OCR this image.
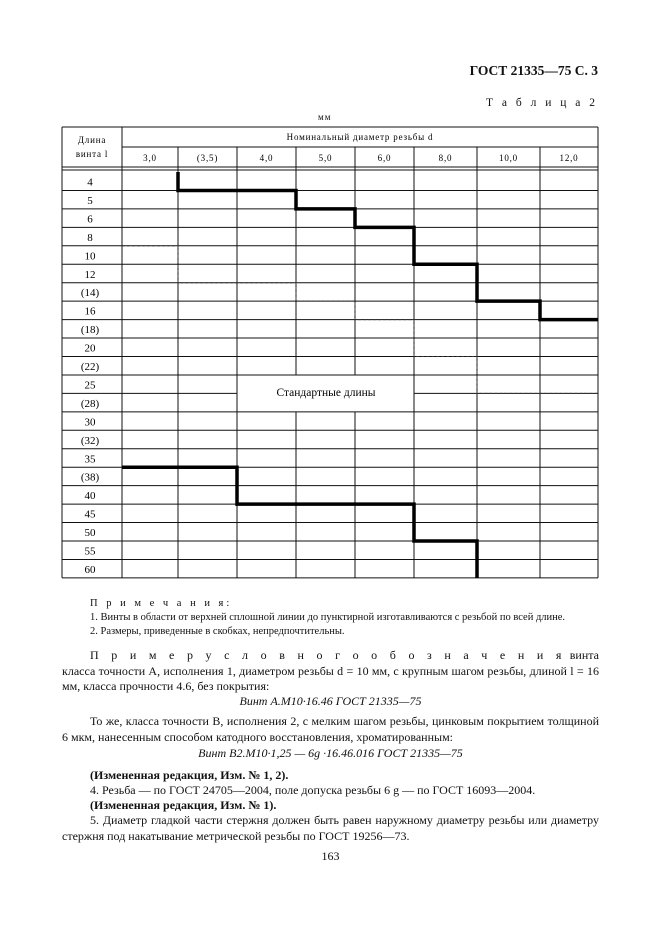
ГОСТ 21335—75 С. 3
Т а б л и ц а 2
мм
Длина
винта l
Номинальный диаметр резьбы d
3,0	(3,5)	4,0	5,0	6,0	8,0	10,0	12,0
4
5
6
8
10
12
(14)
16
(18)
20
(22)
25
(28)
30
(32)
35
(38)
40
45
50
55
60
Стандартные длины
П р и м е ч а н и я:
1. Винты в области от верхней сплошной линии до пунктирной изготавливаются с резьбой по всей длине.
2. Размеры, приведенные в скобках, непредпочтительны.
П р и м е р у с л о в н о г о о б о з н а ч е н и я винта класса точности А, исполнения 1, диаметром резьбы d = 10 мм, с крупным шагом резьбы, длиной l = 16 мм, класса прочности 4.6, без покрытия:
Винт А.М10·16.46 ГОСТ 21335—75
То же, класса точности В, исполнения 2, с мелким шагом резьбы, цинковым покрытием толщиной 6 мкм, нанесенным способом катодного восстановления, хроматированным:
Винт В2.М10·1,25 — 6g ·16.46.016 ГОСТ 21335—75
(Измененная редакция, Изм. № 1, 2).
4. Резьба — по ГОСТ 24705—2004, поле допуска резьбы 6 g — по ГОСТ 16093—2004.
(Измененная редакция, Изм. № 1).
5. Диаметр гладкой части стержня должен быть равен наружному диаметру резьбы или диаметру стержня под накатывание метрической резьбы по ГОСТ 19256—73.
163
